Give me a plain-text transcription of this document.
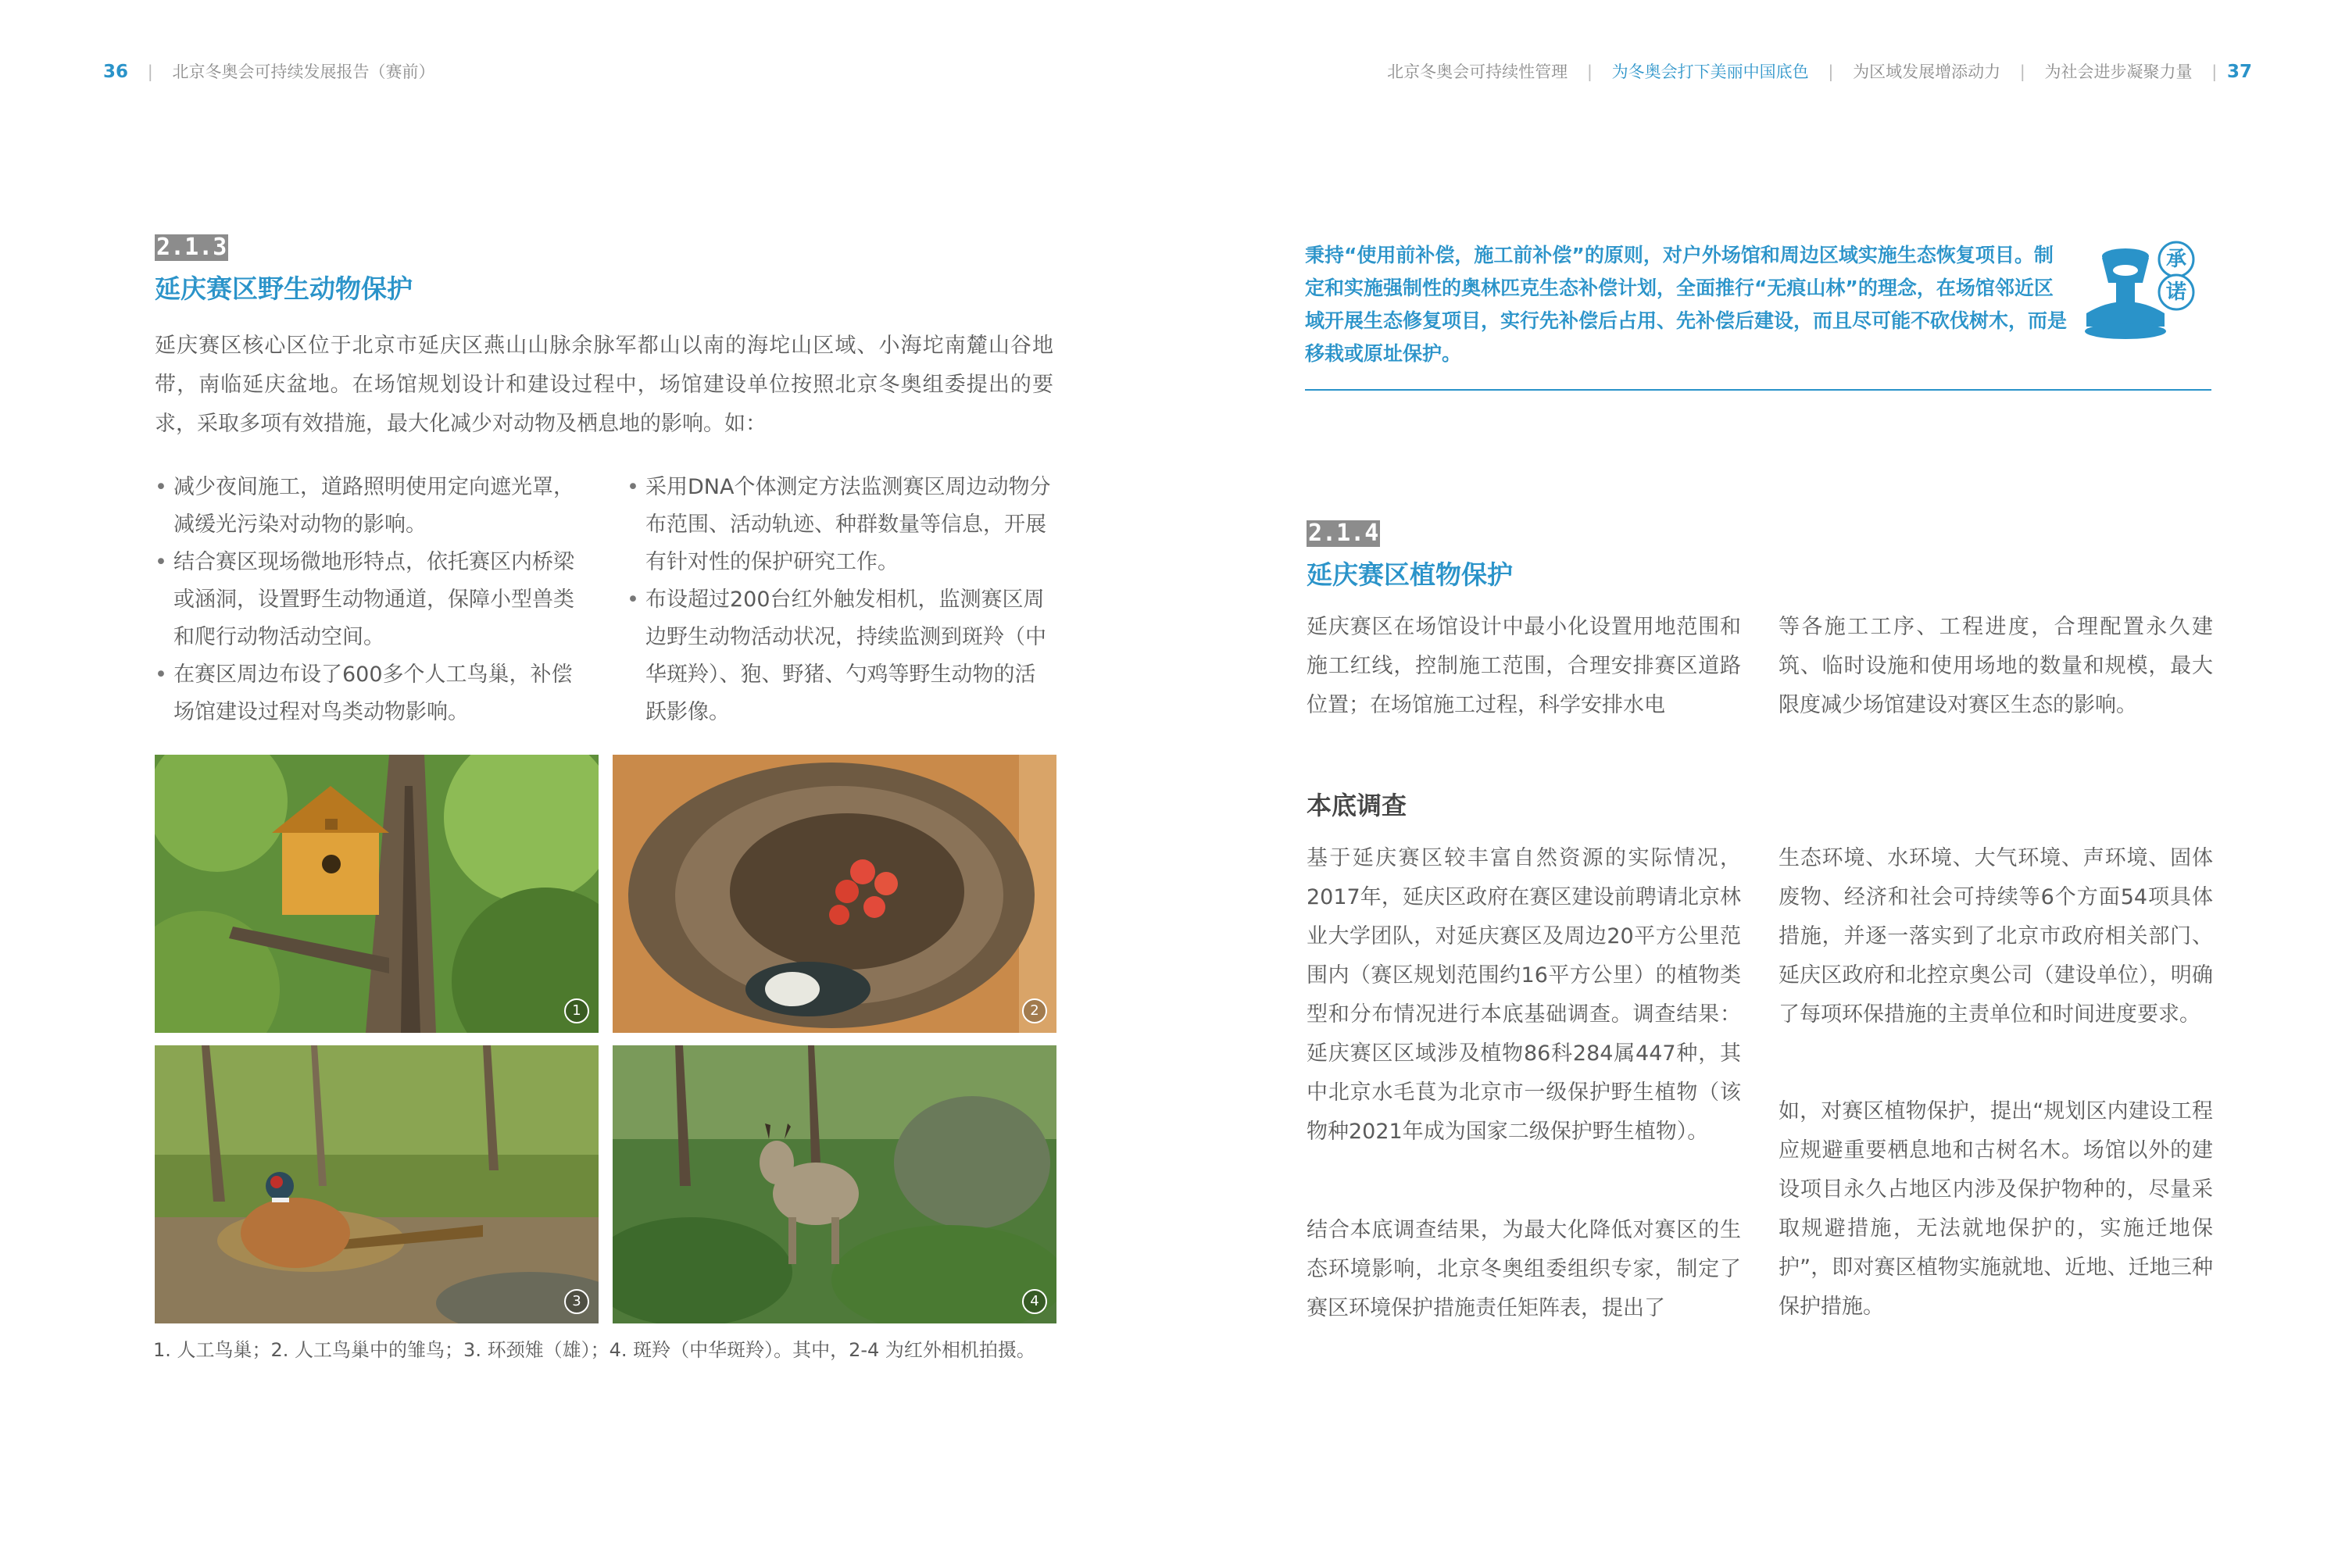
36 | 北京冬奥会可持续发展报告（赛前）	北京冬奥会可持续性管理 | 为冬奥会打下美丽中国底色 | 为区域发展增添动力 | 为社会进步凝聚力量 | 37
2.1.3
延庆赛区野生动物保护

延庆赛区核心区位于北京市延庆区燕山山脉余脉军都山以南的海坨山区域、小海坨南麓山谷地带，南临延庆盆地。在场馆规划设计和建设过程中，场馆建设单位按照北京冬奥组委提出的要求，采取多项有效措施，最大化减少对动物及栖息地的影响。如：

• 减少夜间施工，道路照明使用定向遮光罩，减缓光污染对动物的影响。
• 结合赛区现场微地形特点，依托赛区内桥梁或涵洞，设置野生动物通道，保障小型兽类和爬行动物活动空间。
• 在赛区周边布设了600多个人工鸟巢，补偿场馆建设过程对鸟类动物影响。
• 采用DNA个体测定方法监测赛区周边动物分布范围、活动轨迹、种群数量等信息，开展有针对性的保护研究工作。
• 布设超过200台红外触发相机，监测赛区周边野生动物活动状况，持续监测到斑羚（中华斑羚）、狍、野猪、勺鸡等野生动物的活跃影像。
1	2
3	4
1. 人工鸟巢；2. 人工鸟巢中的雏鸟；3. 环颈雉（雄）；4. 斑羚（中华斑羚）。其中，2-4 为红外相机拍摄。

秉持“使用前补偿，施工前补偿”的原则，对户外场馆和周边区域实施生态恢复项目。制定和实施强制性的奥林匹克生态补偿计划，全面推行“无痕山林”的理念，在场馆邻近区域开展生态修复项目，实行先补偿后占用、先补偿后建设，而且尽可能不砍伐树木，而是移栽或原址保护。

承
诺
2.1.4
延庆赛区植物保护

延庆赛区在场馆设计中最小化设置用地范围和施工红线，控制施工范围，合理安排赛区道路位置；在场馆施工过程，科学安排水电

等各施工工序、工程进度，合理配置永久建筑、临时设施和使用场地的数量和规模，最大限度减少场馆建设对赛区生态的影响。

本底调查

基于延庆赛区较丰富自然资源的实际情况，2017年，延庆区政府在赛区建设前聘请北京林业大学团队，对延庆赛区及周边20平方公里范围内（赛区规划范围约16平方公里）的植物类型和分布情况进行本底基础调查。调查结果：延庆赛区区域涉及植物86科284属447种，其中北京水毛茛为北京市一级保护野生植物（该物种2021年成为国家二级保护野生植物）。

结合本底调查结果，为最大化降低对赛区的生态环境影响，北京冬奥组委组织专家，制定了赛区环境保护措施责任矩阵表，提出了

生态环境、水环境、大气环境、声环境、固体废物、经济和社会可持续等6个方面54项具体措施，并逐一落实到了北京市政府相关部门、延庆区政府和北控京奥公司（建设单位），明确了每项环保措施的主责单位和时间进度要求。

如，对赛区植物保护，提出“规划区内建设工程应规避重要栖息地和古树名木。场馆以外的建设项目永久占地区内涉及保护物种的，尽量采取规避措施，无法就地保护的，实施迁地保护”，即对赛区植物实施就地、近地、迁地三种保护措施。
